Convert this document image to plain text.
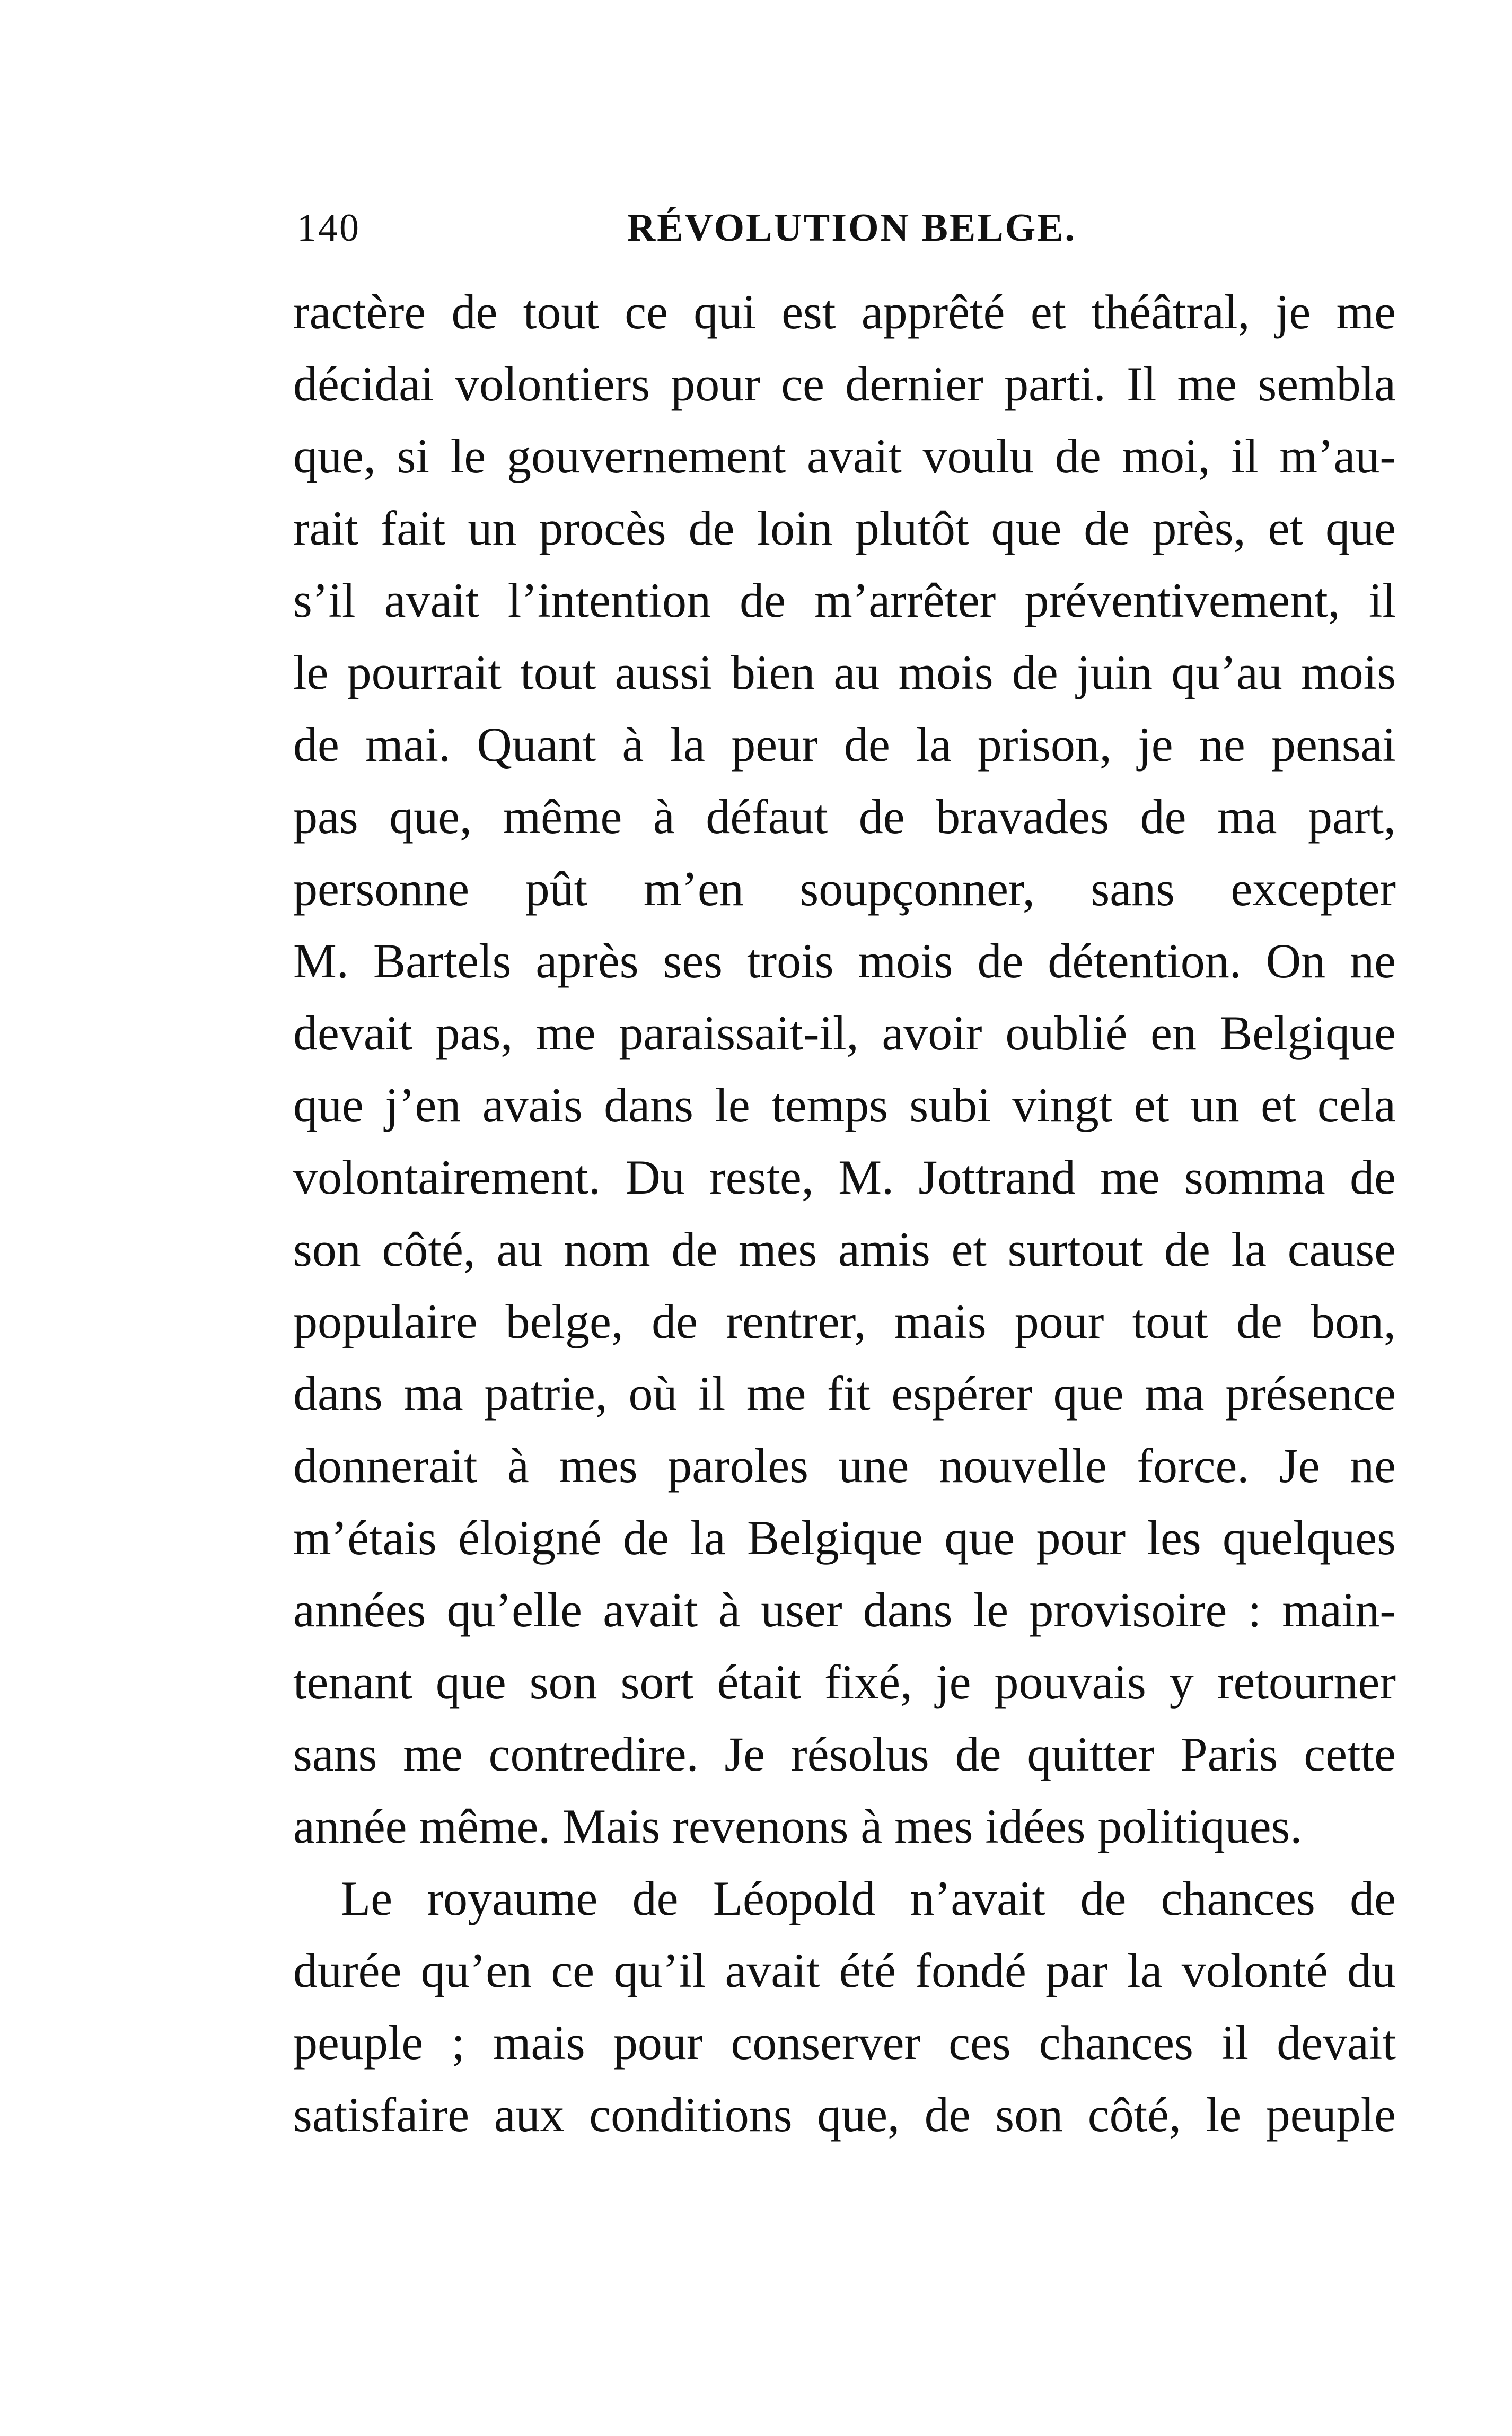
140	RÉVOLUTION BELGE.
ractère de tout ce qui est apprêté et théâtral, je me
décidai volontiers pour ce dernier parti. Il me sembla
que, si le gouvernement avait voulu de moi, il m’au-
rait fait un procès de loin plutôt que de près, et que
s’il avait l’intention de m’arrêter préventivement, il
le pourrait tout aussi bien au mois de juin qu’au mois
de mai. Quant à la peur de la prison, je ne pensai
pas que, même à défaut de bravades de ma part,
personne pût m’en soupçonner, sans excepter
M. Bartels après ses trois mois de détention. On ne
devait pas, me paraissait-il, avoir oublié en Belgique
que j’en avais dans le temps subi vingt et un et cela
volontairement. Du reste, M. Jottrand me somma de
son côté, au nom de mes amis et surtout de la cause
populaire belge, de rentrer, mais pour tout de bon,
dans ma patrie, où il me fit espérer que ma présence
donnerait à mes paroles une nouvelle force. Je ne
m’étais éloigné de la Belgique que pour les quelques
années qu’elle avait à user dans le provisoire : main-
tenant que son sort était fixé, je pouvais y retourner
sans me contredire. Je résolus de quitter Paris cette
année même. Mais revenons à mes idées politiques.
Le royaume de Léopold n’avait de chances de
durée qu’en ce qu’il avait été fondé par la volonté du
peuple ; mais pour conserver ces chances il devait
satisfaire aux conditions que, de son côté, le peuple
